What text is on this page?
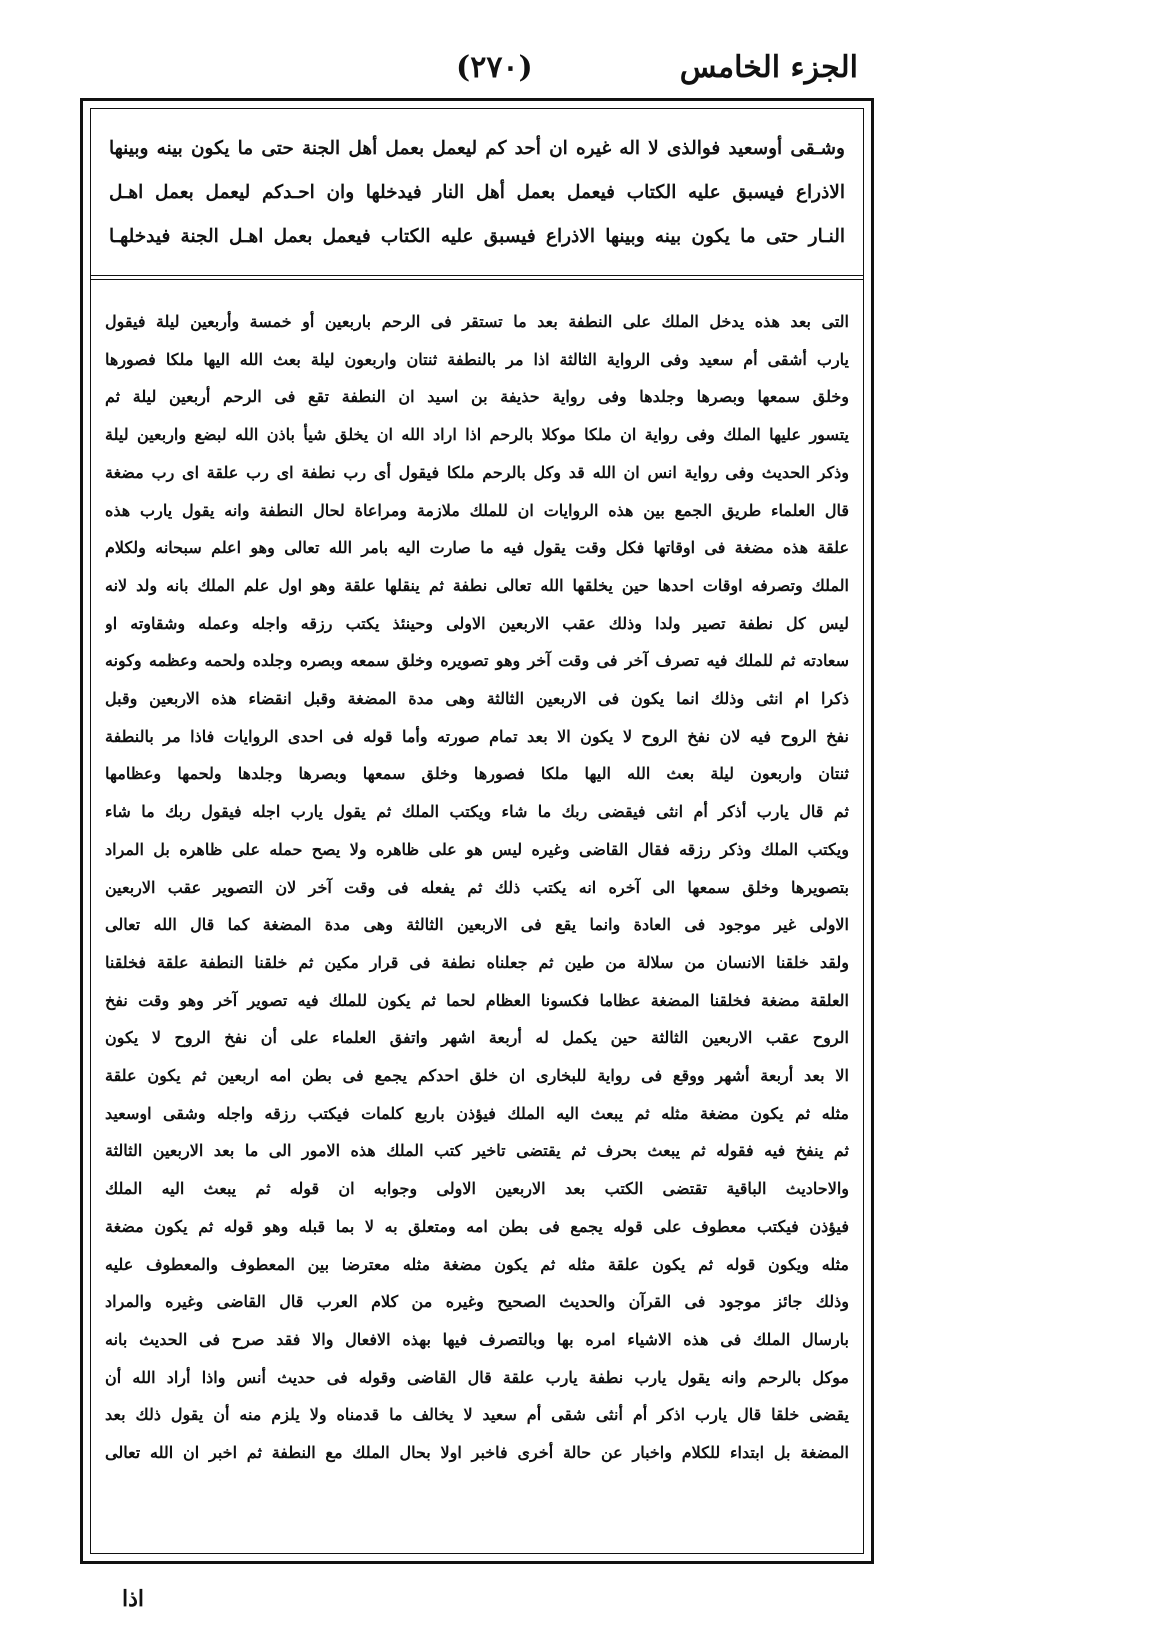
الجزء الخامس
(٢٧٠)
وشـقى أوسعيد فوالذى لا اله غيره ان أحد كم ليعمل بعمل أهل الجنة حتى ما يكون بينه وبينها
الاذراع فيسبق عليه الكتاب فيعمل بعمل أهل النار فيدخلها وان احـدكم ليعمل بعمل اهـل
النـار حتى ما يكون بينه وبينها الاذراع فيسبق عليه الكتاب فيعمل بعمل اهـل الجنة فيدخلهـا
التى بعد هذه يدخل الملك على النطفة بعد ما تستقر فى الرحم باربعين أو خمسة وأربعين ليلة فيقول
يارب أشقى أم سعيد وفى الرواية الثالثة اذا مر بالنطفة ثنتان واربعون ليلة بعث الله اليها ملكا فصورها
وخلق سمعها وبصرها وجلدها وفى رواية حذيفة بن اسيد ان النطفة تقع فى الرحم أربعين ليلة ثم
يتسور عليها الملك وفى رواية ان ملكا موكلا بالرحم اذا اراد الله ان يخلق شيأ باذن الله لبضع واربعين ليلة
وذكر الحديث وفى رواية انس ان الله قد وكل بالرحم ملكا فيقول أى رب نطفة اى رب علقة اى رب مضغة
قال العلماء طريق الجمع بين هذه الروايات ان للملك ملازمة ومراعاة لحال النطفة وانه يقول يارب هذه
علقة هذه مضغة فى اوقاتها فكل وقت يقول فيه ما صارت اليه بامر الله تعالى وهو اعلم سبحانه ولكلام
الملك وتصرفه اوقات احدها حين يخلقها الله تعالى نطفة ثم ينقلها علقة وهو اول علم الملك بانه ولد لانه
ليس كل نطفة تصير ولدا وذلك عقب الاربعين الاولى وحينئذ يكتب رزقه واجله وعمله وشقاوته او
سعادته ثم للملك فيه تصرف آخر فى وقت آخر وهو تصويره وخلق سمعه وبصره وجلده ولحمه وعظمه وكونه
ذكرا ام انثى وذلك انما يكون فى الاربعين الثالثة وهى مدة المضغة وقبل انقضاء هذه الاربعين وقبل
نفخ الروح فيه لان نفخ الروح لا يكون الا بعد تمام صورته وأما قوله فى احدى الروايات فاذا مر بالنطفة
ثنتان واربعون ليلة بعث الله اليها ملكا فصورها وخلق سمعها وبصرها وجلدها ولحمها وعظامها
ثم قال يارب أذكر أم انثى فيقضى ربك ما شاء ويكتب الملك ثم يقول يارب اجله فيقول ربك ما شاء
ويكتب الملك وذكر رزقه فقال القاضى وغيره ليس هو على ظاهره ولا يصح حمله على ظاهره بل المراد
بتصويرها وخلق سمعها الى آخره انه يكتب ذلك ثم يفعله فى وقت آخر لان التصوير عقب الاربعين
الاولى غير موجود فى العادة وانما يقع فى الاربعين الثالثة وهى مدة المضغة كما قال الله تعالى
ولقد خلقنا الانسان من سلالة من طين ثم جعلناه نطفة فى قرار مكين ثم خلقنا النطفة علقة فخلقنا
العلقة مضغة فخلقنا المضغة عظاما فكسونا العظام لحما ثم يكون للملك فيه تصوير آخر وهو وقت نفخ
الروح عقب الاربعين الثالثة حين يكمل له أربعة اشهر واتفق العلماء على أن نفخ الروح لا يكون
الا بعد أربعة أشهر ووقع فى رواية للبخارى ان خلق احدكم يجمع فى بطن امه اربعين ثم يكون علقة
مثله ثم يكون مضغة مثله ثم يبعث اليه الملك فيؤذن باربع كلمات فيكتب رزقه واجله وشقى اوسعيد
ثم ينفخ فيه فقوله ثم يبعث بحرف ثم يقتضى تاخير كتب الملك هذه الامور الى ما بعد الاربعين الثالثة
والاحاديث الباقية تقتضى الكتب بعد الاربعين الاولى وجوابه ان قوله ثم يبعث اليه الملك
فيؤذن فيكتب معطوف على قوله يجمع فى بطن امه ومتعلق به لا بما قبله وهو قوله ثم يكون مضغة
مثله ويكون قوله ثم يكون علقة مثله ثم يكون مضغة مثله معترضا بين المعطوف والمعطوف عليه
وذلك جائز موجود فى القرآن والحديث الصحيح وغيره من كلام العرب قال القاضى وغيره والمراد
بارسال الملك فى هذه الاشياء امره بها وبالتصرف فيها بهذه الافعال والا فقد صرح فى الحديث بانه
موكل بالرحم وانه يقول يارب نطفة يارب علقة قال القاضى وقوله فى حديث أنس واذا أراد الله أن
يقضى خلقا قال يارب اذكر أم أنثى شقى أم سعيد لا يخالف ما قدمناه ولا يلزم منه أن يقول ذلك بعد
المضغة بل ابتداء للكلام واخبار عن حالة أخرى فاخبر اولا بحال الملك مع النطفة ثم اخبر ان الله تعالى
اذا
